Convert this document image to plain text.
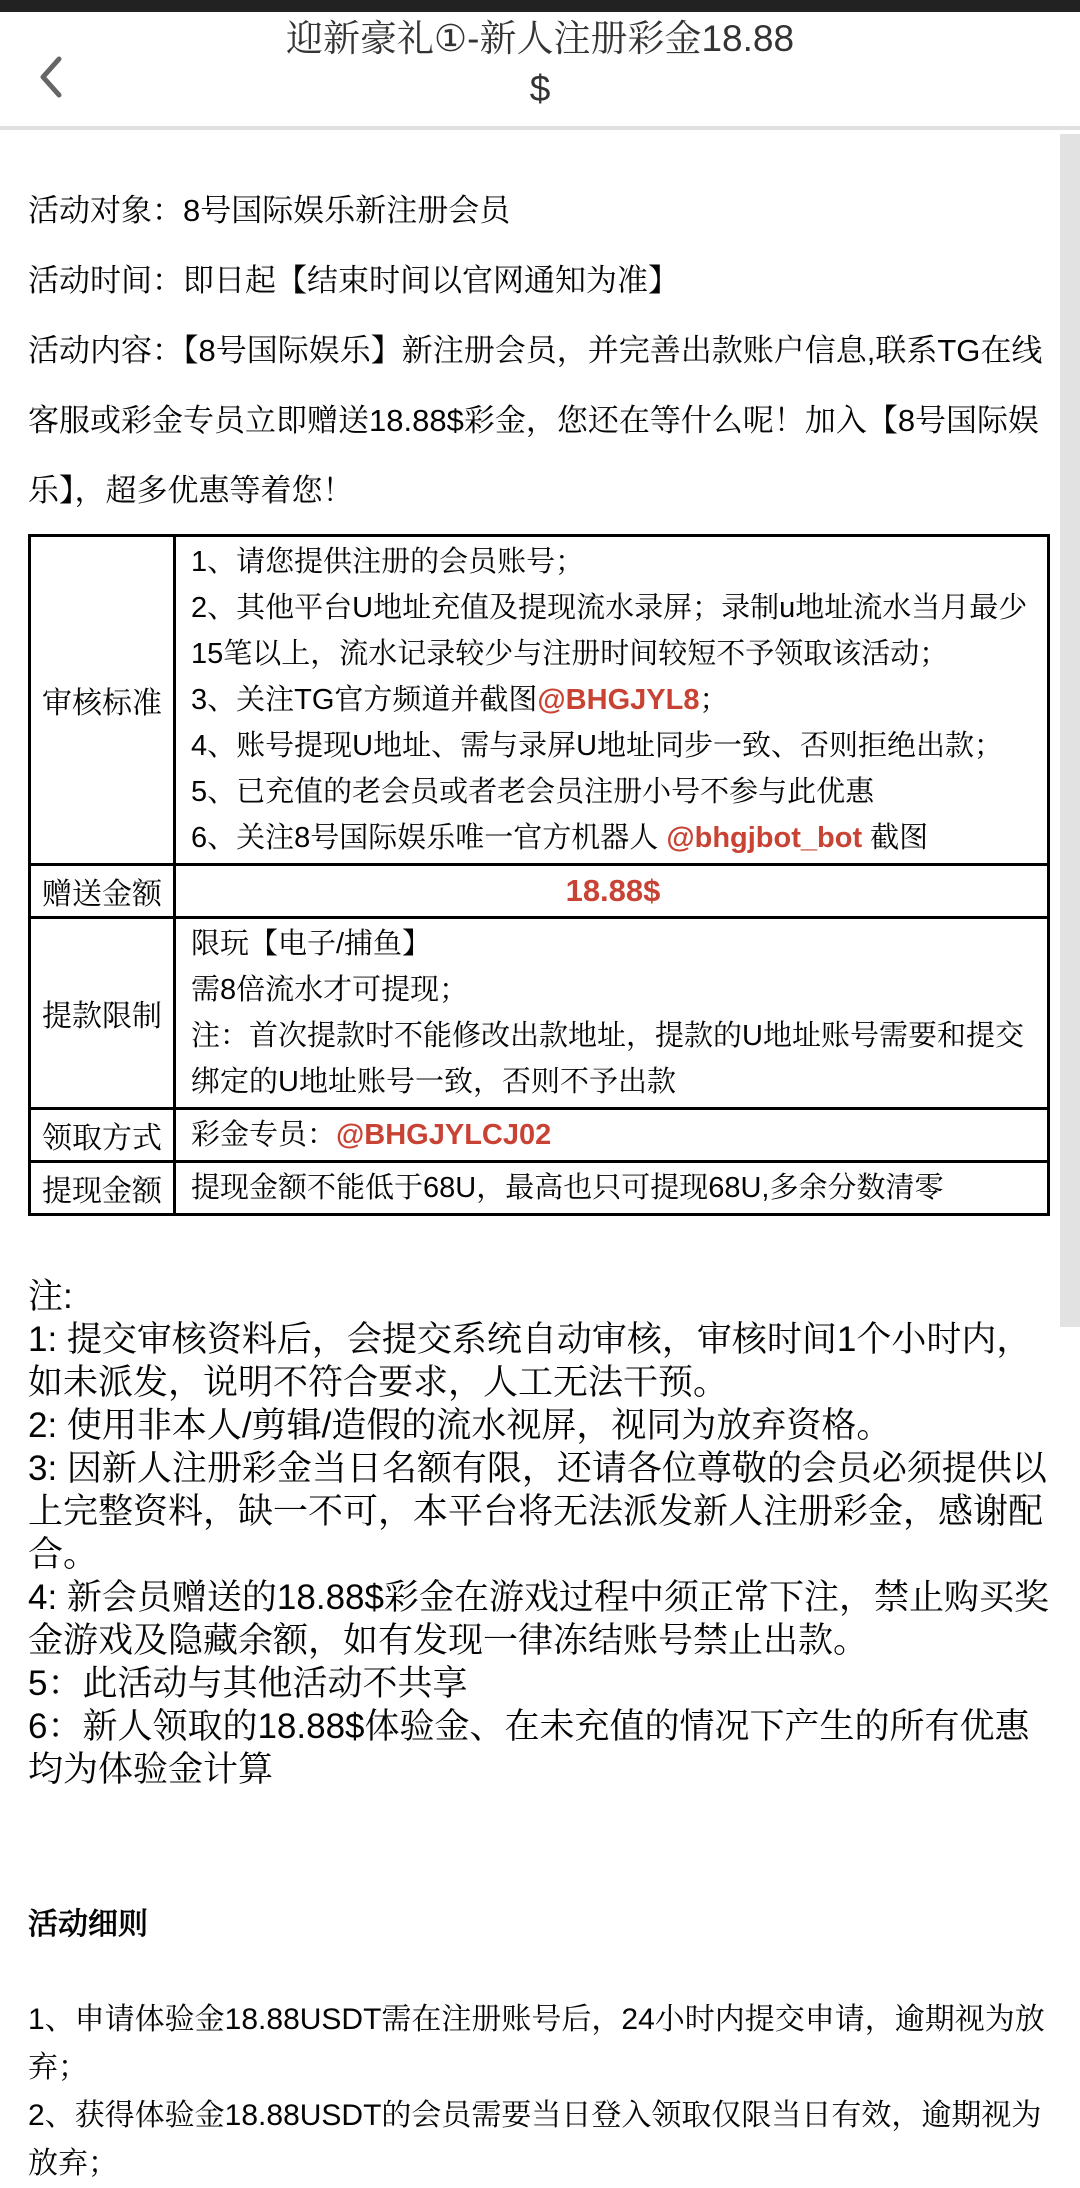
迎新豪礼①-新人注册彩金18.88
$

活动对象：8号国际娱乐新注册会员

活动时间：即日起【结束时间以官网通知为准】

活动内容：【8号国际娱乐】新注册会员，并完善出款账户信息,联系TG在线客服或彩金专员立即赠送18.88$彩金，您还在等什么呢！加入【8号国际娱乐】，超多优惠等着您！

审核标准	
1、请您提供注册的会员账号；
2、其他平台U地址充值及提现流水录屏；录制u地址流水当月最少15笔以上，流水记录较少与注册时间较短不予领取该活动；
3、关注TG官方频道并截图@BHGJYL8；
4、账号提现U地址、需与录屏U地址同步一致、否则拒绝出款；
5、已充值的老会员或者老会员注册小号不参与此优惠
6、关注8号国际娱乐唯一官方机器人 @bhgjbot_bot 截图

赠送金额	18.88$
提款限制	限玩【电子/捕鱼】
需8倍流水才可提现；
注：首次提款时不能修改出款地址，提款的U地址账号需要和提交绑定的U地址账号一致，否则不予出款

领取方式	彩金专员：@BHGJYLCJ02
提现金额	提现金额不能低于68U，最高也只可提现68U,多余分数清零

注:

1: 提交审核资料后，会提交系统自动审核，审核时间1个小时内，如未派发，说明不符合要求，人工无法干预。

2: 使用非本人/剪辑/造假的流水视屏，视同为放弃资格。

3: 因新人注册彩金当日名额有限，还请各位尊敬的会员必须提供以上完整资料，缺一不可，本平台将无法派发新人注册彩金，感谢配合。

4: 新会员赠送的18.88$彩金在游戏过程中须正常下注，禁止购买奖金游戏及隐藏余额，如有发现一律冻结账号禁止出款。

5：此活动与其他活动不共享

6：新人领取的18.88$体验金、在未充值的情况下产生的所有优惠均为体验金计算

活动细则

1、申请体验金18.88USDT需在注册账号后，24小时内提交申请，逾期视为放弃；

2、获得体验金18.88USDT的会员需要当日登入领取仅限当日有效，逾期视为放弃；
